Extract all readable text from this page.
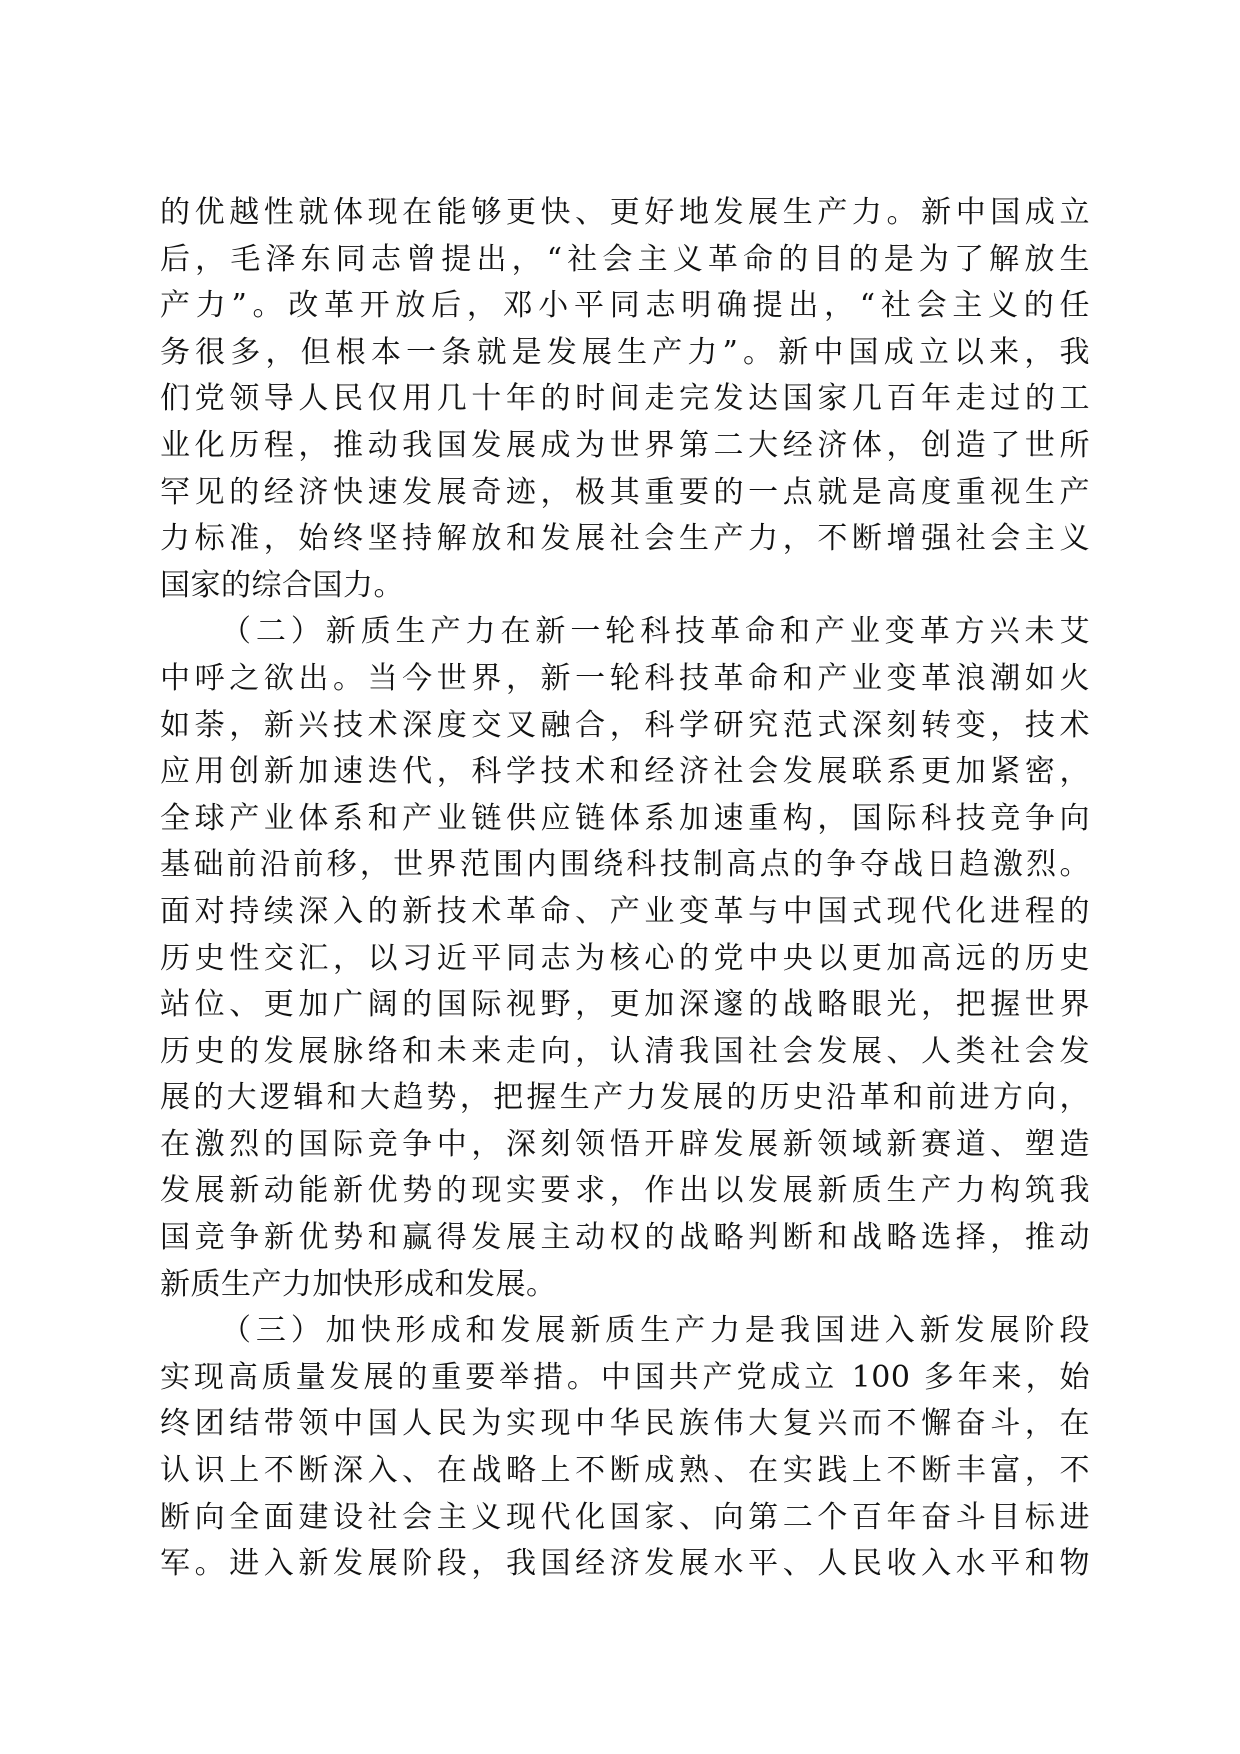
的优越性就体现在能够更快、更好地发展生产力。新中国成立
后，毛泽东同志曾提出，“社会主义革命的目的是为了解放生
产力”。改革开放后，邓小平同志明确提出，“社会主义的任
务很多，但根本一条就是发展生产力”。新中国成立以来，我
们党领导人民仅用几十年的时间走完发达国家几百年走过的工
业化历程，推动我国发展成为世界第二大经济体，创造了世所
罕见的经济快速发展奇迹，极其重要的一点就是高度重视生产
力标准，始终坚持解放和发展社会生产力，不断增强社会主义
国家的综合国力。
（二）新质生产力在新一轮科技革命和产业变革方兴未艾
中呼之欲出。当今世界，新一轮科技革命和产业变革浪潮如火
如荼，新兴技术深度交叉融合，科学研究范式深刻转变，技术
应用创新加速迭代，科学技术和经济社会发展联系更加紧密，
全球产业体系和产业链供应链体系加速重构，国际科技竞争向
基础前沿前移，世界范围内围绕科技制高点的争夺战日趋激烈。
面对持续深入的新技术革命、产业变革与中国式现代化进程的
历史性交汇，以习近平同志为核心的党中央以更加高远的历史
站位、更加广阔的国际视野，更加深邃的战略眼光，把握世界
历史的发展脉络和未来走向，认清我国社会发展、人类社会发
展的大逻辑和大趋势，把握生产力发展的历史沿革和前进方向，
在激烈的国际竞争中，深刻领悟开辟发展新领域新赛道、塑造
发展新动能新优势的现实要求，作出以发展新质生产力构筑我
国竞争新优势和赢得发展主动权的战略判断和战略选择，推动
新质生产力加快形成和发展。
（三）加快形成和发展新质生产力是我国进入新发展阶段
实现高质量发展的重要举措。中国共产党成立 100 多年来，始
终团结带领中国人民为实现中华民族伟大复兴而不懈奋斗，在
认识上不断深入、在战略上不断成熟、在实践上不断丰富，不
断向全面建设社会主义现代化国家、向第二个百年奋斗目标进
军。进入新发展阶段，我国经济发展水平、人民收入水平和物
